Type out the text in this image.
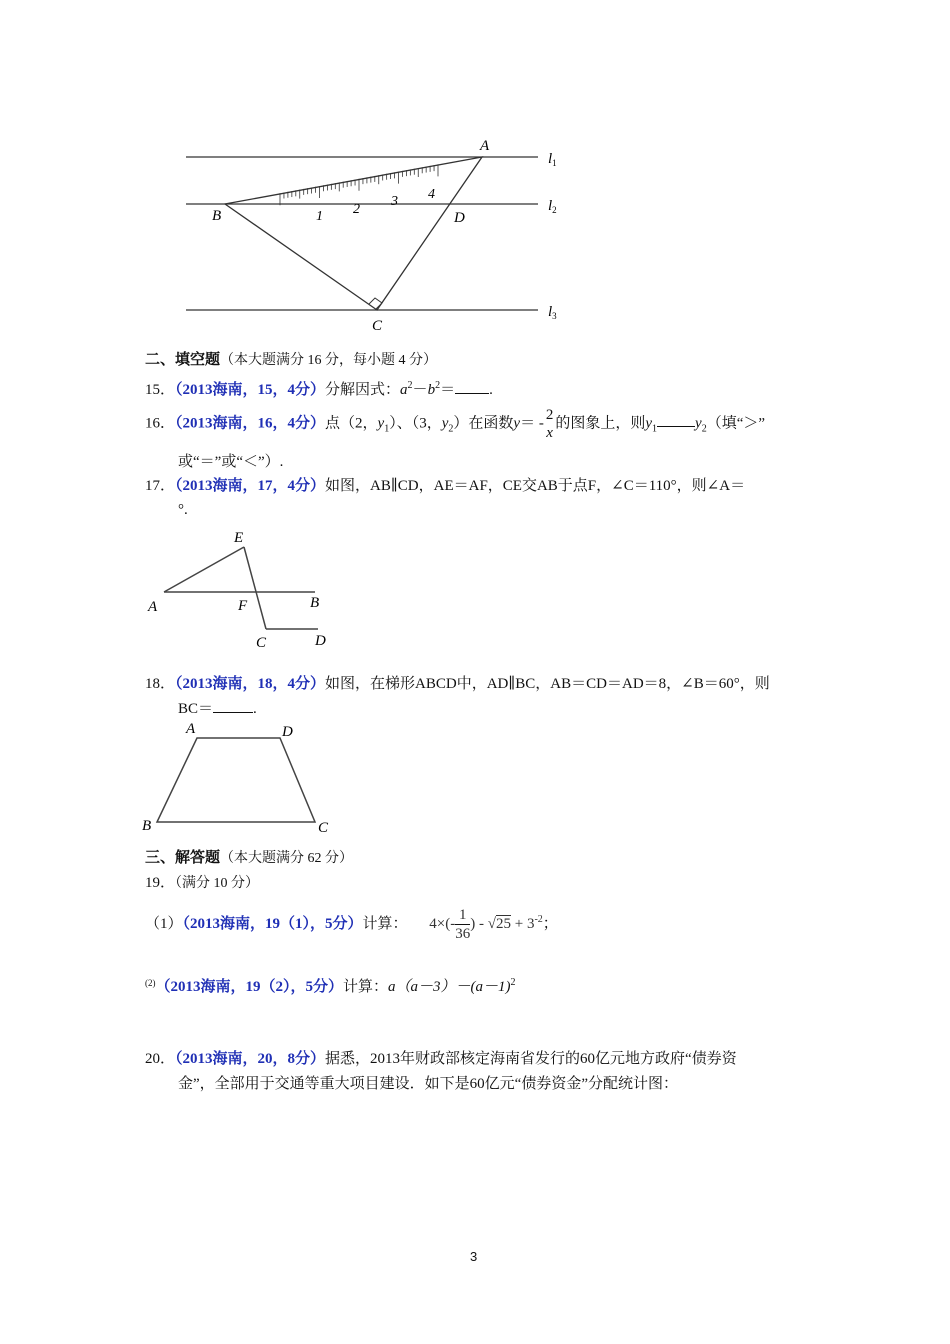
A
B
C
D
1 2
3 4
$l_1$
$l_2$
$l_3$
二、填空题（本大题满分 16 分，每小题 4 分）
15．（2013海南，15，4分）分解因式：$a^2-b^2=$ .
16．（2013海南，16，4分）点（2，$y_1$）、（3，$y_2$）在函数y＝ -
2
x
的图象上，则$y_1$	$y_2$（填“＞”
或“＝”或“＜”）.
17．（2013海南，17，4分）如图，AB∥CD，AE＝AF，CE交AB于点F，∠C＝110°，则∠A＝
°.
E
A	F	B
C	D
18．（2013海南，18，4分）如图，在梯形ABCD中，AD∥BC，AB＝CD＝AD＝8，∠B＝60°，则
BC＝	.
A	D
B	C
三、解答题（本大题满分 62 分）
19．（满分 10 分）
（1）（2013海南，19（1），5分）计算： $4\times(- \frac{1}{36}$ ) - $√25 + 3^{-2}$；
$^{(2)}$（2013海南，19（2），5分）计算：$a(a-3)-(a-1)^2$
20．（2013海南，20，8分）据悉，2013年财政部核定海南省发行的60亿元地方政府“债券资
金”，全部用于交通等重大项目建设．如下是60亿元“债券资金”分配统计图：
3
